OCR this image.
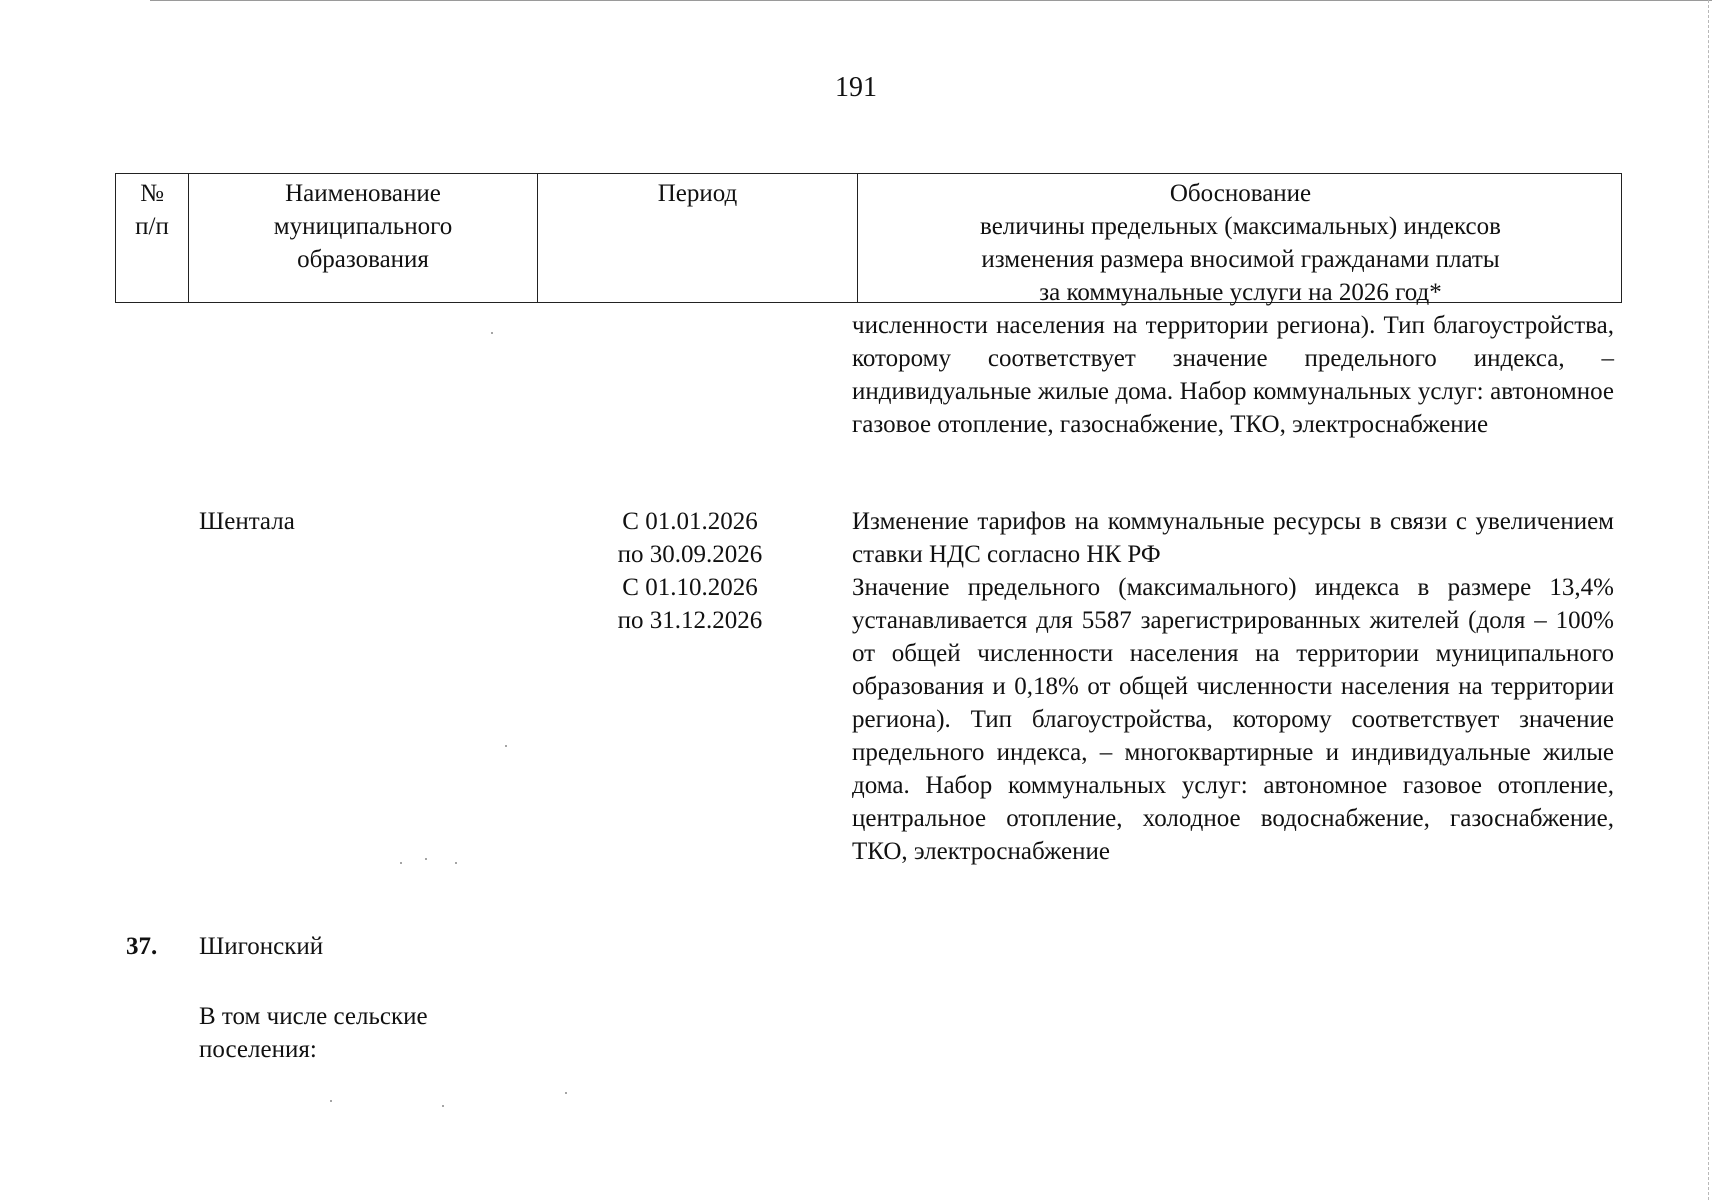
191
№
п/п
Наименование
муниципального
образования
Период	Обоснование
величины предельных (максимальных) индексов
изменения размера вносимой гражданами платы
за коммунальные услуги на 2026 год*
численности населения на территории региона). Тип благоустройства, которому соответствует значение предельного индекса, – индивидуальные жилые дома. Набор коммунальных услуг: автономное газовое отопление, газоснабжение, ТКО, электроснабжение
Шентала	С 01.01.2026
по 30.09.2026
С 01.10.2026
по 31.12.2026
Изменение тарифов на коммунальные ресурсы в связи с увеличением ставки НДС согласно НК РФ
Значение предельного (максимального) индекса в размере 13,4% устанавливается для 5587 зарегистрированных жителей (доля – 100% от общей численности населения на территории муниципального образования и 0,18% от общей численности населения на территории региона). Тип благоустройства, которому соответствует значение предельного индекса, – многоквартирные и индивидуальные жилые дома. Набор коммунальных услуг: автономное газовое отопление, центральное отопление, холодное водоснабжение, газоснабжение, ТКО, электроснабжение
37. Шигонский
В том числе сельские
поселения:
